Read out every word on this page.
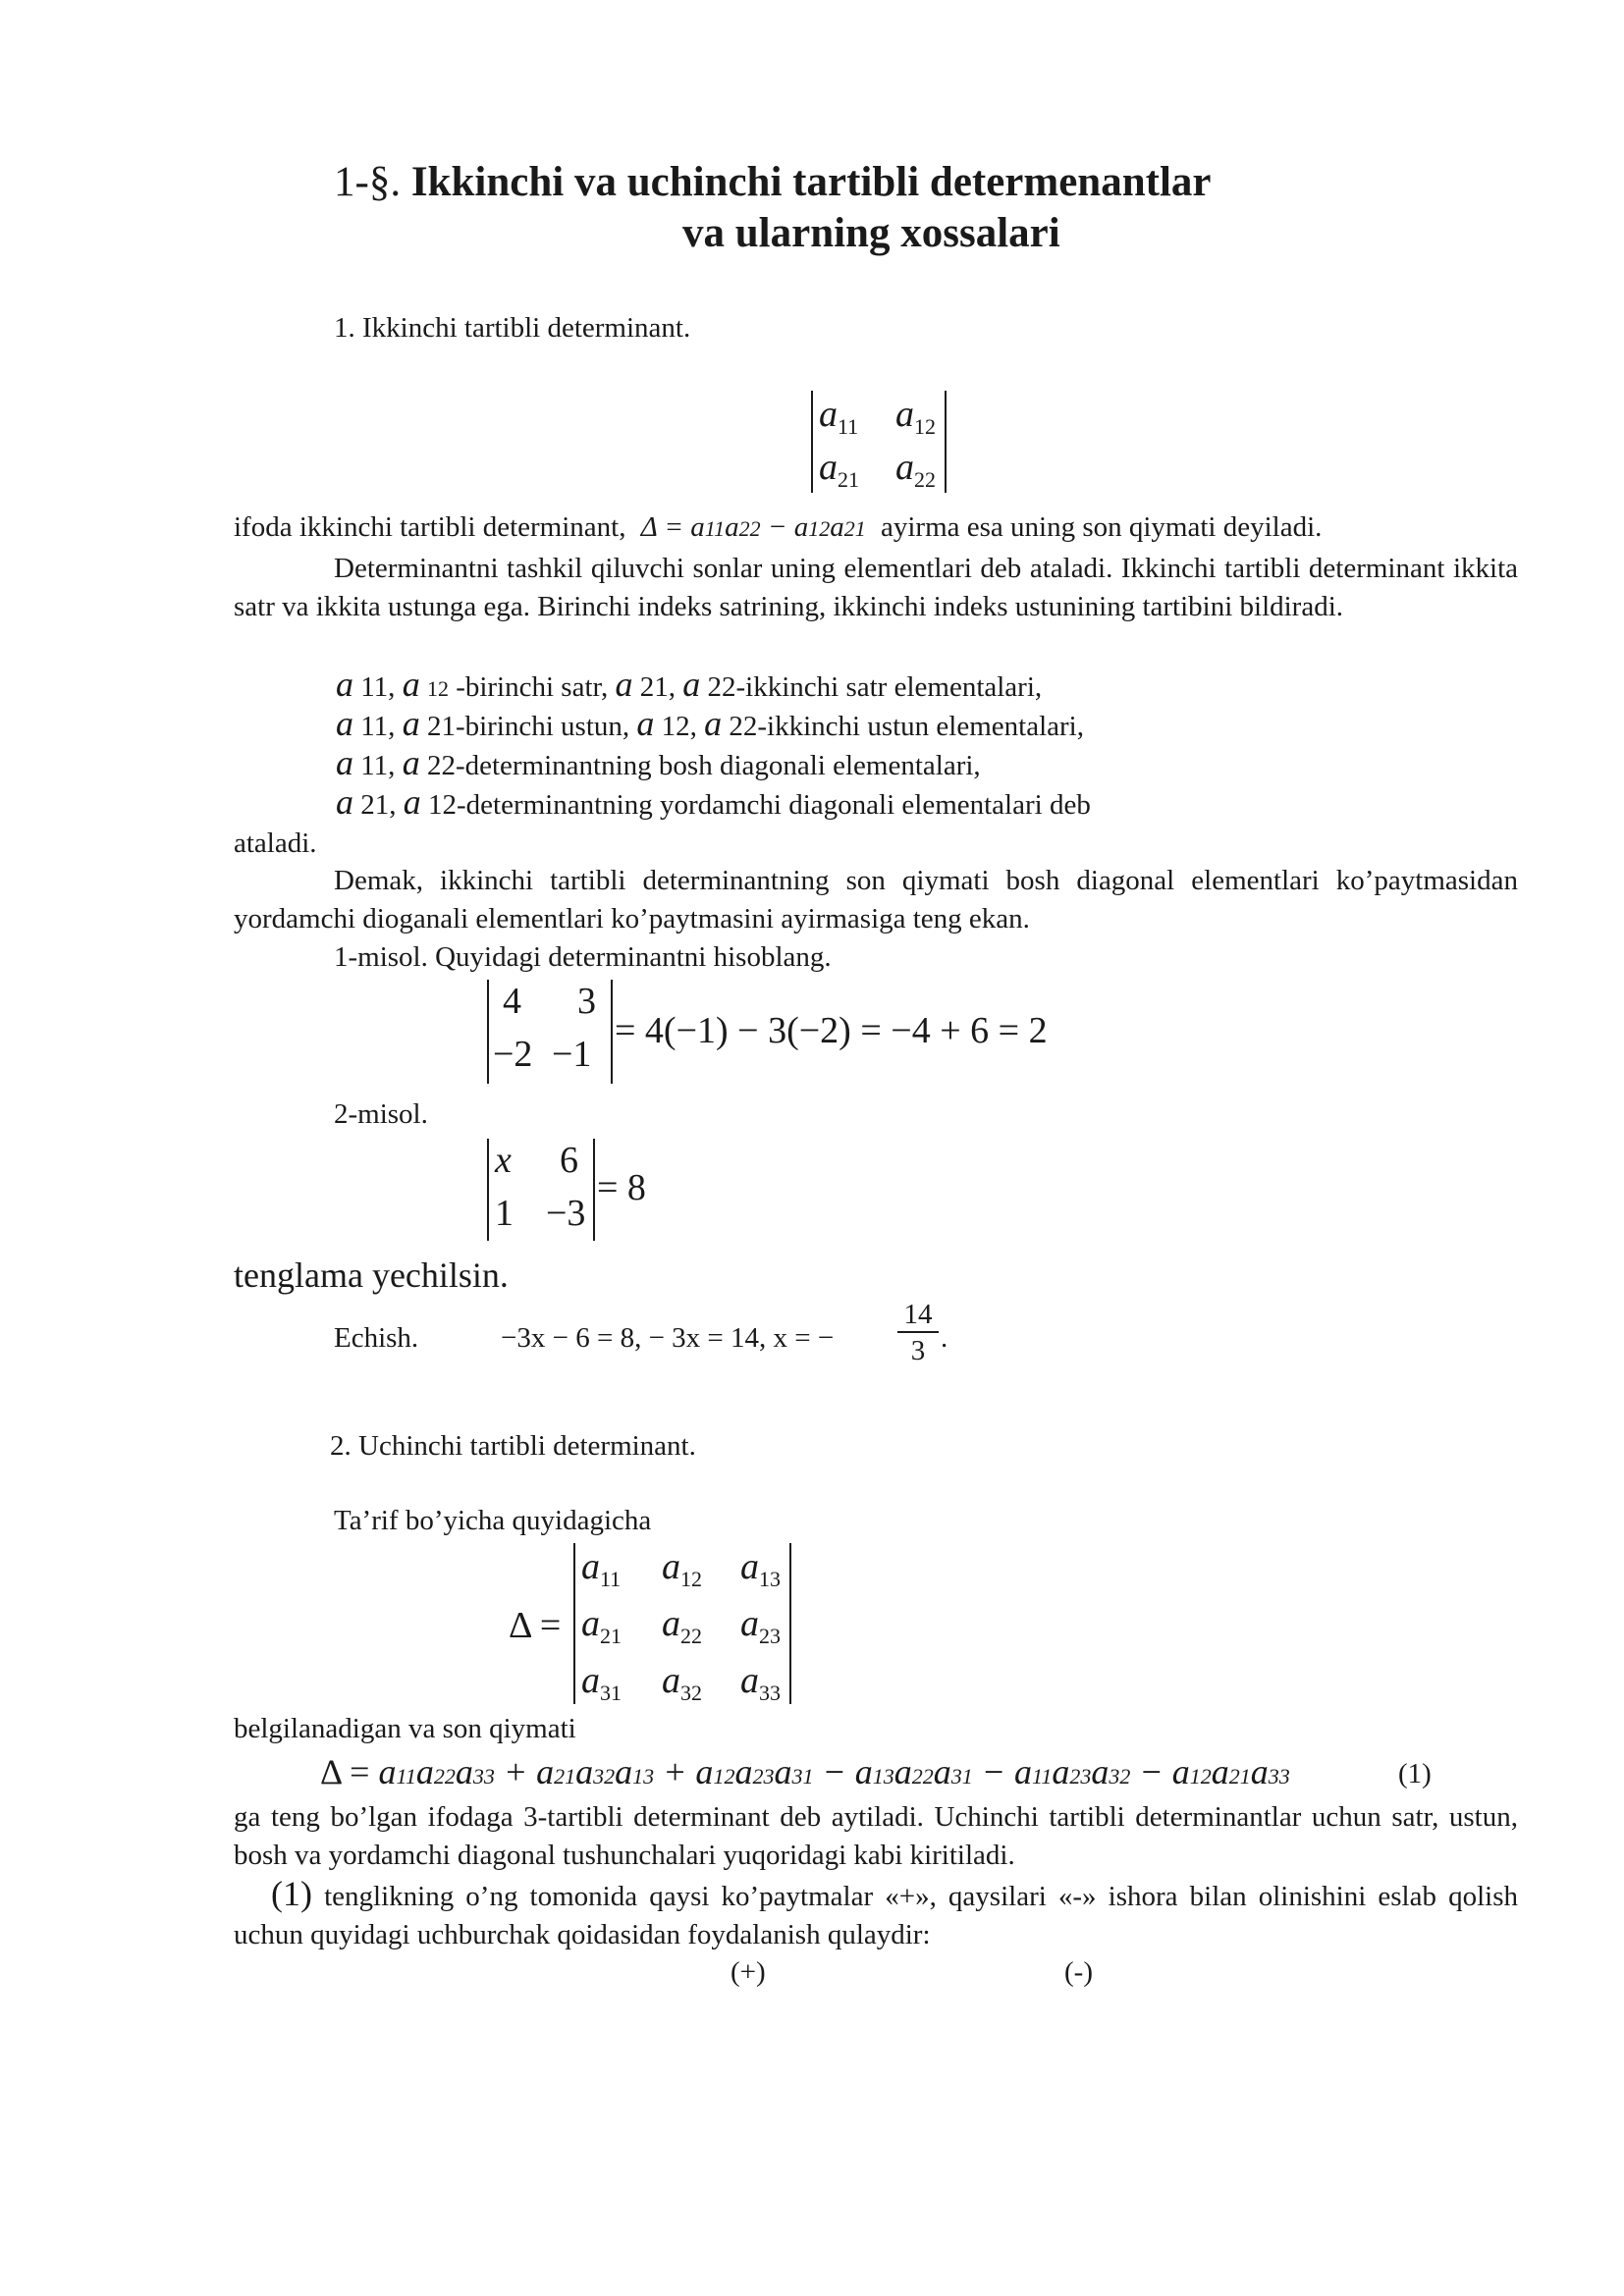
1-§. Ikkinchi va uchinchi tartibli determenantlar
va ularning xossalari
1. Ikkinchi tartibli determinant.
$a_{11}$ $a_{12}$
$a_{21}$ $a_{22}$
ifoda ikkinchi tartibli determinant, Δ = a11a22 − a12a21 ayirma esa uning son qiymati deyiladi.
Determinantni tashkil qiluvchi sonlar uning elementlari deb ataladi. Ikkinchi tartibli determinant ikkita satr va ikkita ustunga ega. Birinchi indeks satrining, ikkinchi indeks ustunining tartibini bildiradi.
a 11, a 12 -birinchi satr, a 21, a 22-ikkinchi satr elementalari,
a 11, a 21-birinchi ustun, a 12, a 22-ikkinchi ustun elementalari,
a 11, a 22-determinantning bosh diagonali elementalari,
a 21, a 12-determinantning yordamchi diagonali elementalari deb
ataladi.
Demak, ikkinchi tartibli determinantning son qiymati bosh diagonal elementlari ko’paytmasidan yordamchi dioganali elementlari ko’paytmasini ayirmasiga teng ekan.
1-misol. Quyidagi determinantni hisoblang.
4 3
−2 −1
= 4(−1) − 3(−2) = −4 + 6 = 2
2-misol.
x 6
1 −3
= 8
tenglama yechilsin.
Echish.	−3x − 6 = 8, − 3x = 14, x = −
14
3 .
2. Uchinchi tartibli determinant.
Ta’rif bo’yicha quyidagicha
Δ =
$a_{11}$ $a_{12}$ $a_{13}$
$a_{21}$ $a_{22}$ $a_{23}$
$a_{31}$ $a_{32}$ $a_{33}$
belgilanadigan va son qiymati
Δ = a11a22a33 + a21a32a13 + a12a23a31 − a13a22a31 − a11a23a32 − a12a21a33	(1)
ga teng bo’lgan ifodaga 3-tartibli determinant deb aytiladi. Uchinchi tartibli determinantlar uchun satr, ustun, bosh va yordamchi diagonal tushunchalari yuqoridagi kabi kiritiladi.
(1) tenglikning o’ng tomonida qaysi ko’paytmalar «+», qaysilari «-» ishora bilan olinishini eslab qolish uchun quyidagi uchburchak qoidasidan foydalanish qulaydir:
(+)	(-)
